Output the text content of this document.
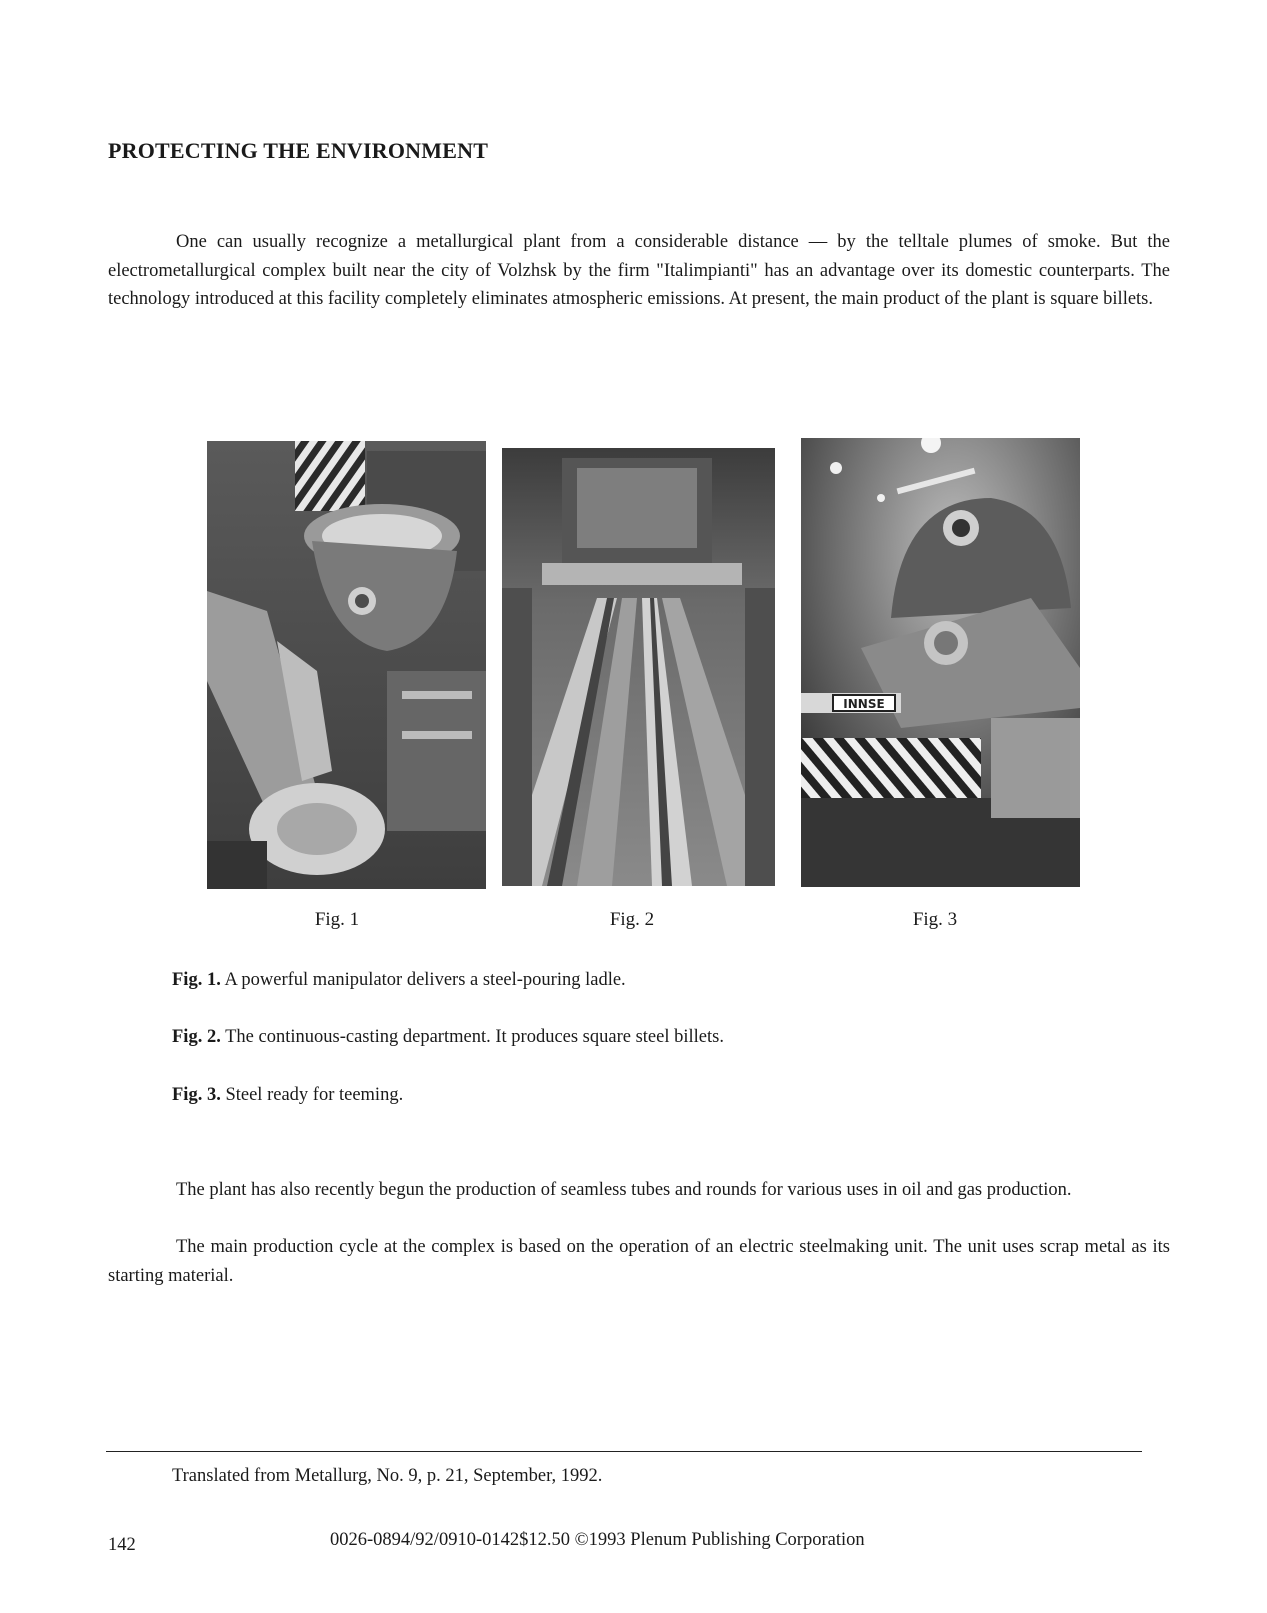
PROTECTING THE ENVIRONMENT

One can usually recognize a metallurgical plant from a considerable distance — by the telltale plumes of smoke. But the electrometallurgical complex built near the city of Volzhsk by the firm "Italimpianti" has an advantage over its domestic counterparts. The technology introduced at this facility completely eliminates atmospheric emissions. At present, the main product of the plant is square billets.

INNSE
Fig. 1	Fig. 2	Fig. 3

Fig. 1. A powerful manipulator delivers a steel-pouring ladle.

Fig. 2. The continuous-casting department. It produces square steel billets.

Fig. 3. Steel ready for teeming.

The plant has also recently begun the production of seamless tubes and rounds for various uses in oil and gas production.

The main production cycle at the complex is based on the operation of an electric steelmaking unit. The unit uses scrap metal as its starting material.

Translated from Metallurg, No. 9, p. 21, September, 1992.

142	0026-0894/92/0910-0142$12.50 ©1993 Plenum Publishing Corporation
